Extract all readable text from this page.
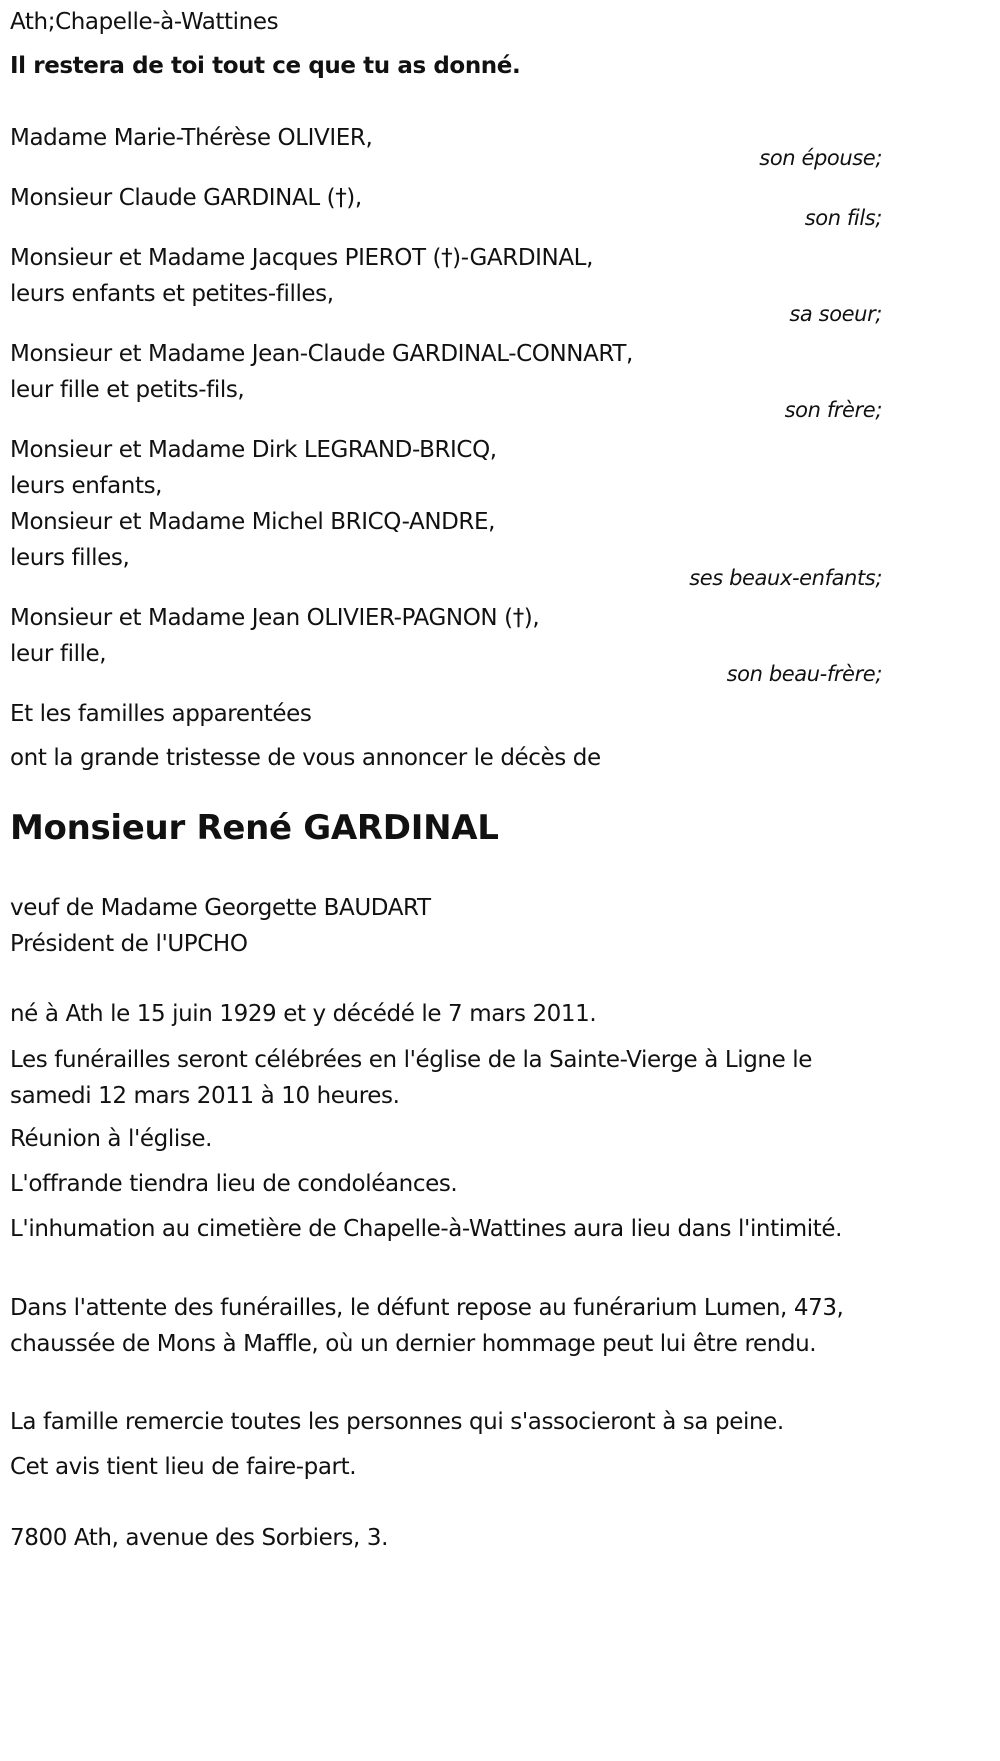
Ath;Chapelle-à-Wattines
Il restera de toi tout ce que tu as donné.
Madame Marie-Thérèse OLIVIER,
son épouse;
Monsieur Claude GARDINAL (†),
son fils;
Monsieur et Madame Jacques PIEROT (†)-GARDINAL,
leurs enfants et petites-filles,
sa soeur;
Monsieur et Madame Jean-Claude GARDINAL-CONNART,
leur fille et petits-fils,
son frère;
Monsieur et Madame Dirk LEGRAND-BRICQ,
leurs enfants,
Monsieur et Madame Michel BRICQ-ANDRE,
leurs filles,
ses beaux-enfants;
Monsieur et Madame Jean OLIVIER-PAGNON (†),
leur fille,
son beau-frère;
Et les familles apparentées
ont la grande tristesse de vous annoncer le décès de
Monsieur René GARDINAL
veuf de Madame Georgette BAUDART
Président de l'UPCHO
né à Ath le 15 juin 1929 et y décédé le 7 mars 2011.
Les funérailles seront célébrées en l'église de la Sainte-Vierge à Ligne le samedi 12 mars 2011 à 10 heures.
Réunion à l'église.
L'offrande tiendra lieu de condoléances.
L'inhumation au cimetière de Chapelle-à-Wattines aura lieu dans l'intimité.
Dans l'attente des funérailles, le défunt repose au funérarium Lumen, 473, chaussée de Mons à Maffle, où un dernier hommage peut lui être rendu.
La famille remercie toutes les personnes qui s'associeront à sa peine.
Cet avis tient lieu de faire-part.
7800 Ath, avenue des Sorbiers, 3.
